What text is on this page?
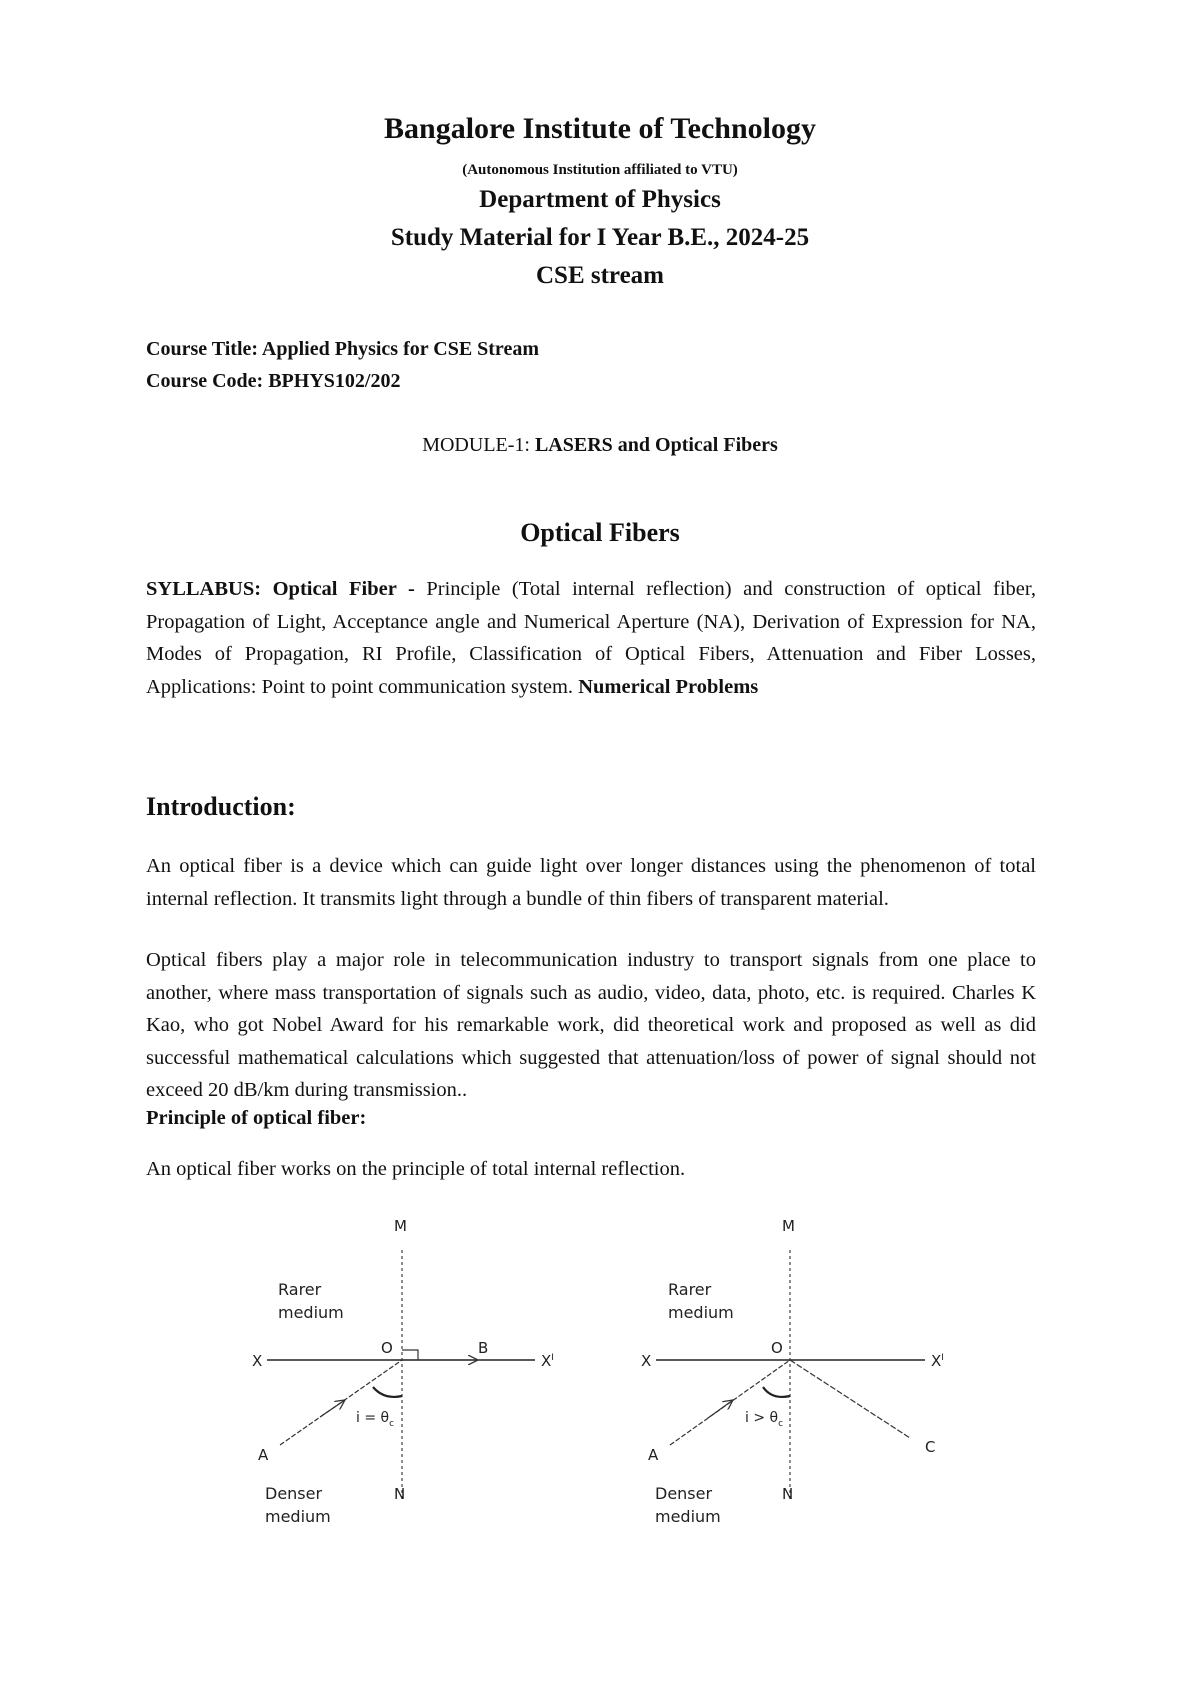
Bangalore Institute of Technology
(Autonomous Institution affiliated to VTU)
Department of Physics
Study Material for I Year B.E., 2024-25
CSE stream
Course Title: Applied Physics for CSE Stream
Course Code: BPHYS102/202
MODULE-1: LASERS and Optical Fibers
Optical Fibers
SYLLABUS: Optical Fiber - Principle (Total internal reflection) and construction of optical fiber, Propagation of Light, Acceptance angle and Numerical Aperture (NA), Derivation of Expression for NA, Modes of Propagation, RI Profile, Classification of Optical Fibers, Attenuation and Fiber Losses, Applications: Point to point communication system. Numerical Problems
Introduction:
An optical fiber is a device which can guide light over longer distances using the phenomenon of total internal reflection. It transmits light through a bundle of thin fibers of transparent material.
Optical fibers play a major role in telecommunication industry to transport signals from one place to another, where mass transportation of signals such as audio, video, data, photo, etc. is required. Charles K Kao, who got Nobel Award for his remarkable work, did theoretical work and proposed as well as did successful mathematical calculations which suggested that attenuation/loss of power of signal should not exceed 20 dB/km during transmission..
Principle of optical fiber:
An optical fiber works on the principle of total internal reflection.
M
Rarer
medium
X
O	B
$X^I$
$i = \theta_c$
A
N
Denser
medium
M
Rarer
medium
X
O
$X^I$
$i > \theta_c$
A	C
N
Denser
medium
